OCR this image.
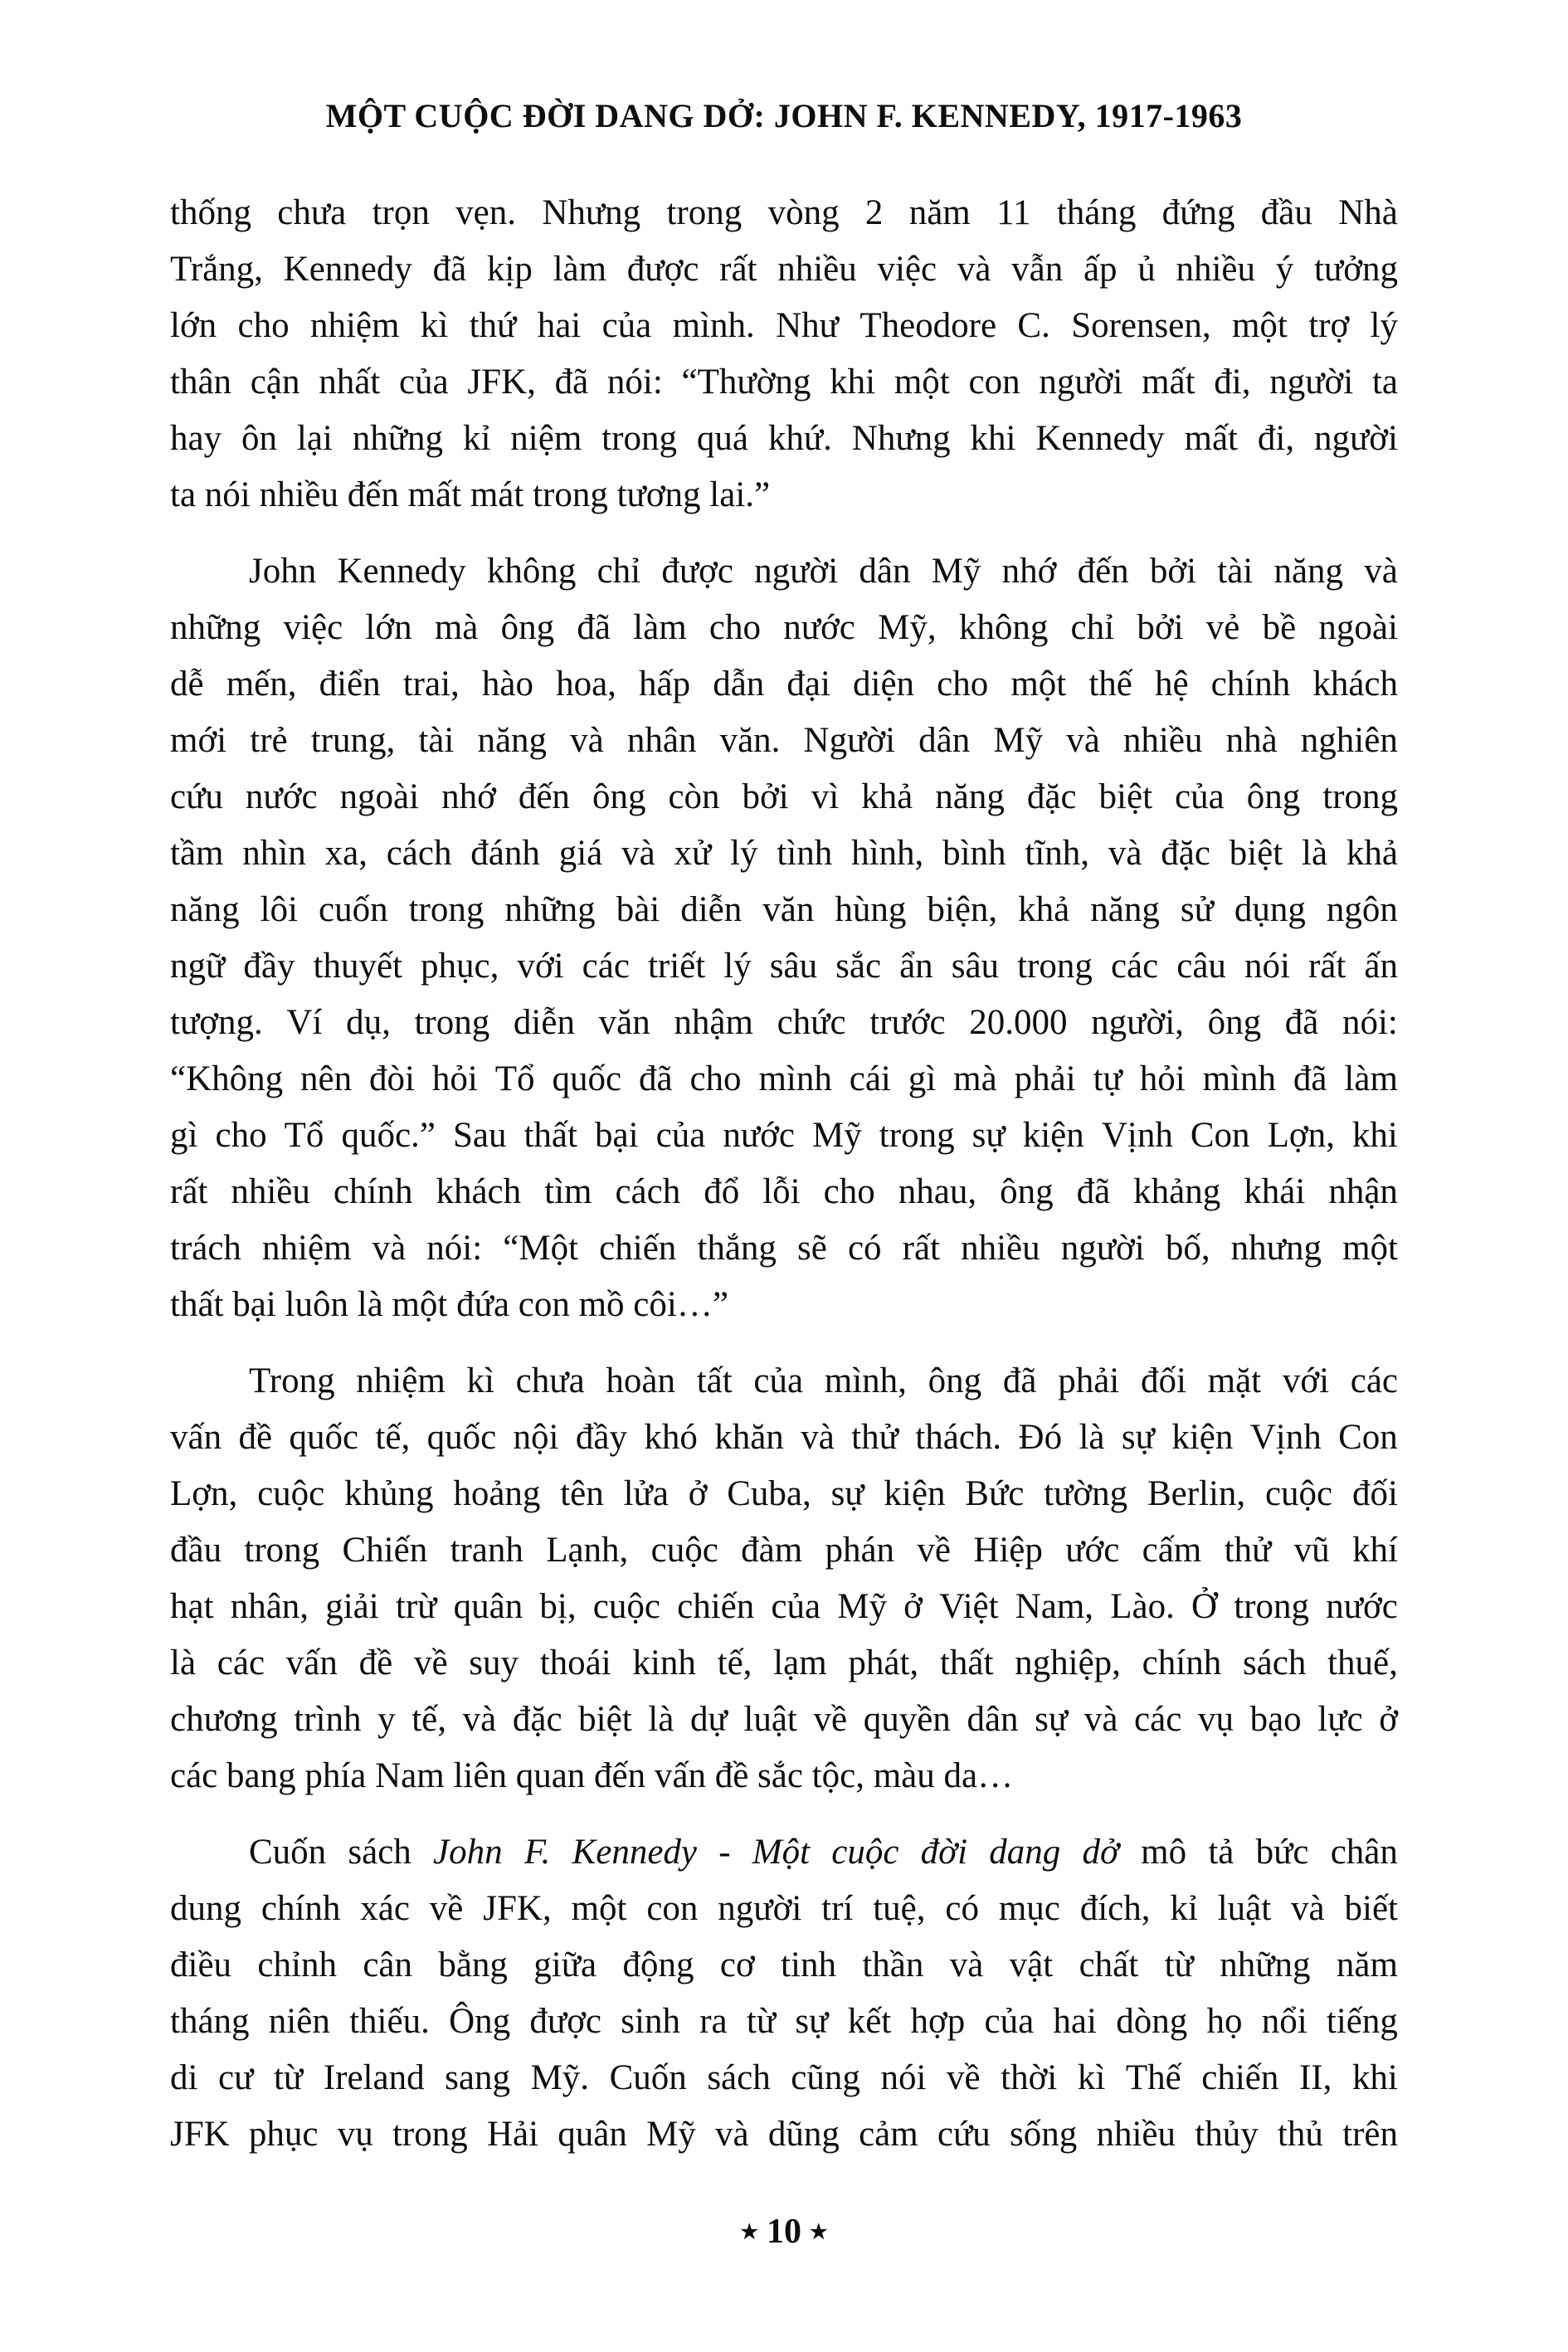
MỘT CUỘC ĐỜI DANG DỞ: JOHN F. KENNEDY, 1917-1963
thống chưa trọn vẹn. Nhưng trong vòng 2 năm 11 tháng đứng đầu Nhà
Trắng, Kennedy đã kịp làm được rất nhiều việc và vẫn ấp ủ nhiều ý tưởng
lớn cho nhiệm kì thứ hai của mình. Như Theodore C. Sorensen, một trợ lý
thân cận nhất của JFK, đã nói: “Thường khi một con người mất đi, người ta
hay ôn lại những kỉ niệm trong quá khứ. Nhưng khi Kennedy mất đi, người
ta nói nhiều đến mất mát trong tương lai.”
John Kennedy không chỉ được người dân Mỹ nhớ đến bởi tài năng và
những việc lớn mà ông đã làm cho nước Mỹ, không chỉ bởi vẻ bề ngoài
dễ mến, điển trai, hào hoa, hấp dẫn đại diện cho một thế hệ chính khách
mới trẻ trung, tài năng và nhân văn. Người dân Mỹ và nhiều nhà nghiên
cứu nước ngoài nhớ đến ông còn bởi vì khả năng đặc biệt của ông trong
tầm nhìn xa, cách đánh giá và xử lý tình hình, bình tĩnh, và đặc biệt là khả
năng lôi cuốn trong những bài diễn văn hùng biện, khả năng sử dụng ngôn
ngữ đầy thuyết phục, với các triết lý sâu sắc ẩn sâu trong các câu nói rất ấn
tượng. Ví dụ, trong diễn văn nhậm chức trước 20.000 người, ông đã nói:
“Không nên đòi hỏi Tổ quốc đã cho mình cái gì mà phải tự hỏi mình đã làm
gì cho Tổ quốc.” Sau thất bại của nước Mỹ trong sự kiện Vịnh Con Lợn, khi
rất nhiều chính khách tìm cách đổ lỗi cho nhau, ông đã khảng khái nhận
trách nhiệm và nói: “Một chiến thắng sẽ có rất nhiều người bố, nhưng một
thất bại luôn là một đứa con mồ côi…”
Trong nhiệm kì chưa hoàn tất của mình, ông đã phải đối mặt với các
vấn đề quốc tế, quốc nội đầy khó khăn và thử thách. Đó là sự kiện Vịnh Con
Lợn, cuộc khủng hoảng tên lửa ở Cuba, sự kiện Bức tường Berlin, cuộc đối
đầu trong Chiến tranh Lạnh, cuộc đàm phán về Hiệp ước cấm thử vũ khí
hạt nhân, giải trừ quân bị, cuộc chiến của Mỹ ở Việt Nam, Lào. Ở trong nước
là các vấn đề về suy thoái kinh tế, lạm phát, thất nghiệp, chính sách thuế,
chương trình y tế, và đặc biệt là dự luật về quyền dân sự và các vụ bạo lực ở
các bang phía Nam liên quan đến vấn đề sắc tộc, màu da…
Cuốn sách John F. Kennedy - Một cuộc đời dang dở mô tả bức chân
dung chính xác về JFK, một con người trí tuệ, có mục đích, kỉ luật và biết
điều chỉnh cân bằng giữa động cơ tinh thần và vật chất từ những năm
tháng niên thiếu. Ông được sinh ra từ sự kết hợp của hai dòng họ nổi tiếng
di cư từ Ireland sang Mỹ. Cuốn sách cũng nói về thời kì Thế chiến II, khi
JFK phục vụ trong Hải quân Mỹ và dũng cảm cứu sống nhiều thủy thủ trên
★ 10 ★
